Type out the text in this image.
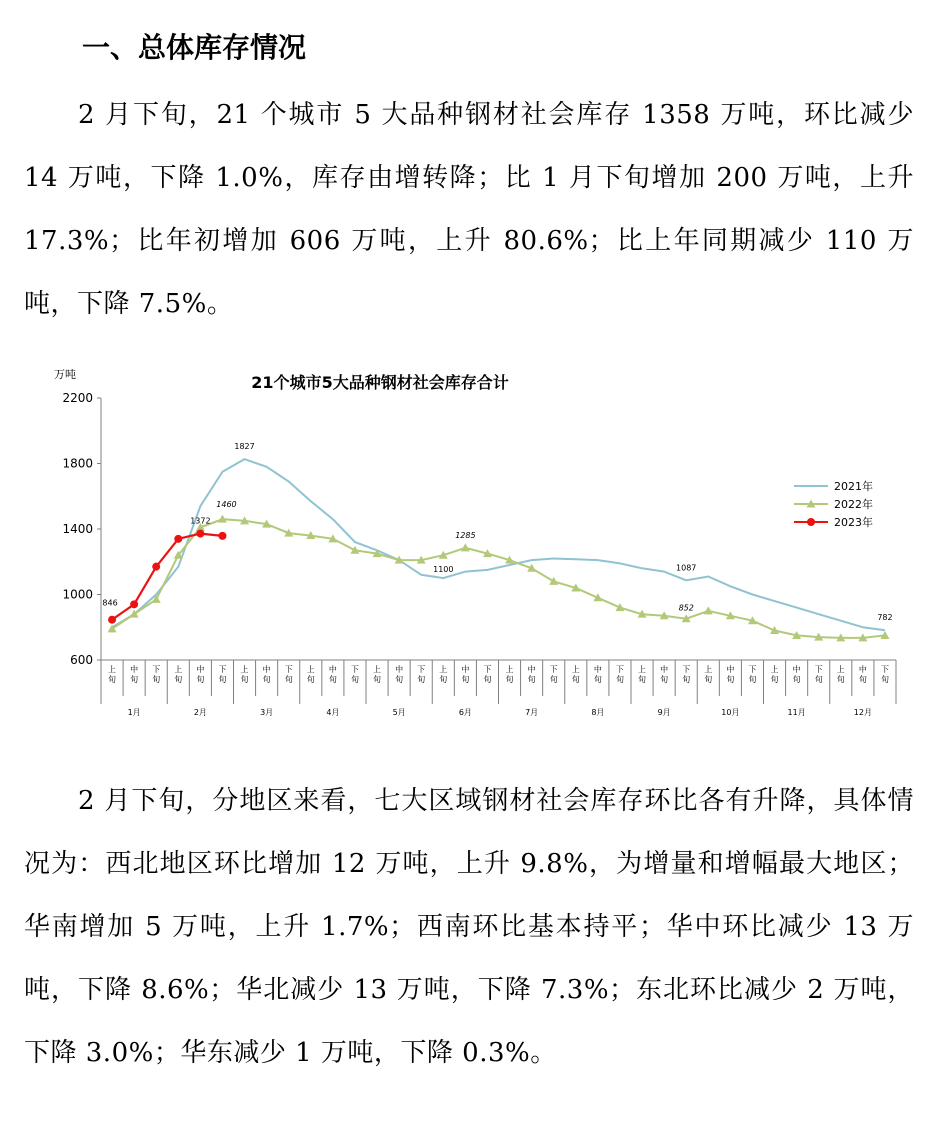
一、总体库存情况

2 月下旬，21 个城市 5 大品种钢材社会库存 1358 万吨，环比减少 14 万吨，下降 1.0%，库存由增转降；比 1 月下旬增加 200 万吨，上升 17.3%；比年初增加 606 万吨，上升 80.6%；比上年同期减少 110 万吨，下降 7.5%。

21个城市5大品种钢材社会库存合计
万吨
600
1000
1400
1800
2200
上
旬
中
旬
下
旬
上
旬
中
旬
下
旬
上
旬
中
旬
下
旬
上
旬
中
旬
下
旬
上
旬
中
旬
下
旬
上
旬
中
旬
下
旬
上
旬
中
旬
下
旬
上
旬
中
旬
下
旬
上
旬
中
旬
下
旬
上
旬
中
旬
下
旬
上
旬
中
旬
下
旬
上
旬
中
旬
下
旬
1月	2月	3月	4月	5月	6月	7月	8月	9月	10月	11月	12月
846
1372
1460
1827
1100
1285
1087
852
782
2021年
2022年
2023年

2 月下旬，分地区来看，七大区域钢材社会库存环比各有升降，具体情况为：西北地区环比增加 12 万吨，上升 9.8%，为增量和增幅最大地区；华南增加 5 万吨，上升 1.7%；西南环比基本持平；华中环比减少 13 万吨，下降 8.6%；华北减少 13 万吨，下降 7.3%；东北环比减少 2 万吨，下降 3.0%；华东减少 1 万吨，下降 0.3%。
